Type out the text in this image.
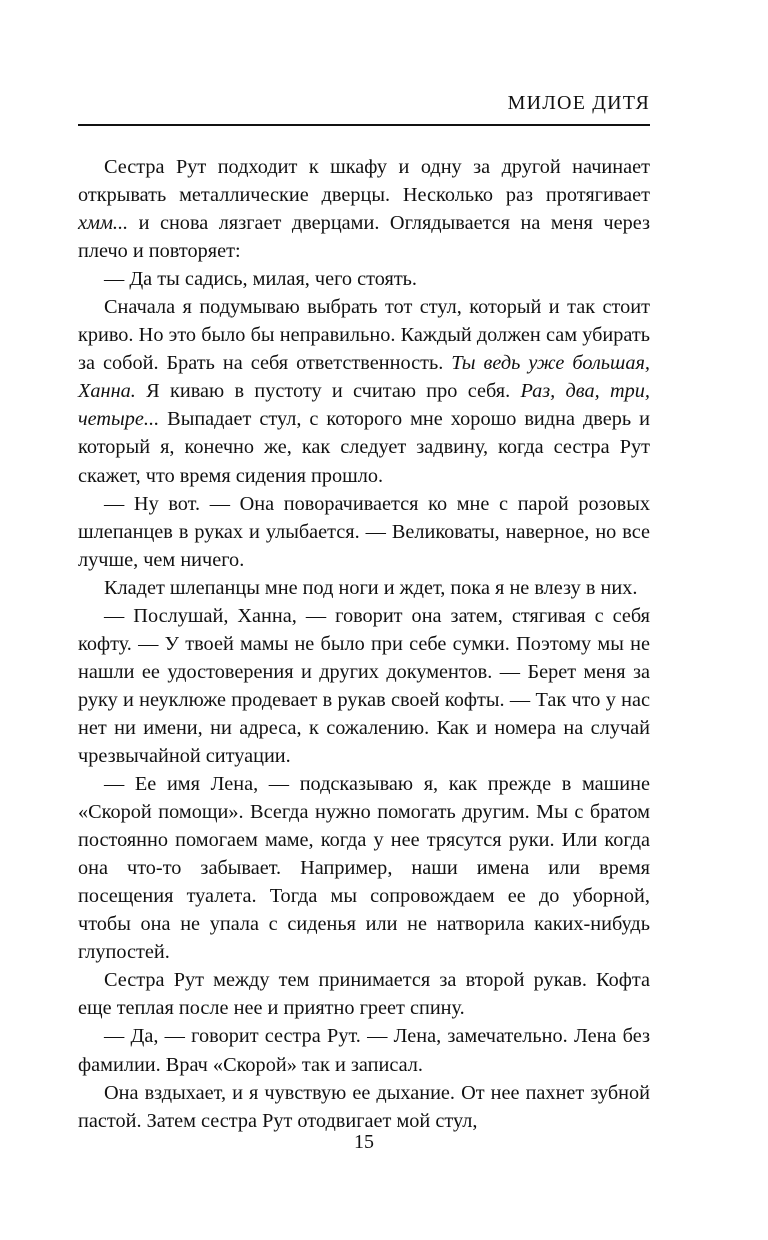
МИЛОЕ ДИТЯ

Сестра Рут подходит к шкафу и одну за другой начинает открывать металлические дверцы. Несколько раз протягивает хмм... и снова лязгает дверцами. Оглядывается на меня через плечо и повторяет:

— Да ты садись, милая, чего стоять.

Сначала я подумываю выбрать тот стул, который и так стоит криво. Но это было бы неправильно. Каждый должен сам убирать за собой. Брать на себя ответственность. Ты ведь уже большая, Ханна. Я киваю в пустоту и считаю про себя. Раз, два, три, четыре... Выпадает стул, с которого мне хорошо видна дверь и который я, конечно же, как следует задвину, когда сестра Рут скажет, что время сидения прошло.

— Ну вот. — Она поворачивается ко мне с парой розовых шлепанцев в руках и улыбается. — Великоваты, наверное, но все лучше, чем ничего.

Кладет шлепанцы мне под ноги и ждет, пока я не влезу в них.

— Послушай, Ханна, — говорит она затем, стягивая с себя кофту. — У твоей мамы не было при себе сумки. Поэтому мы не нашли ее удостоверения и других документов. — Берет меня за руку и неуклюже продевает в рукав своей кофты. — Так что у нас нет ни имени, ни адреса, к сожалению. Как и номера на случай чрезвычайной ситуации.

— Ее имя Лена, — подсказываю я, как прежде в машине «Скорой помощи». Всегда нужно помогать другим. Мы с братом постоянно помогаем маме, когда у нее трясутся руки. Или когда она что-то забывает. Например, наши имена или время посещения туалета. Тогда мы сопровождаем ее до уборной, чтобы она не упала с сиденья или не натворила каких-нибудь глупостей.

Сестра Рут между тем принимается за второй рукав. Кофта еще теплая после нее и приятно греет спину.

— Да, — говорит сестра Рут. — Лена, замечательно. Лена без фамилии. Врач «Скорой» так и записал.

Она вздыхает, и я чувствую ее дыхание. От нее пахнет зубной пастой. Затем сестра Рут отодвигает мой стул,

15
